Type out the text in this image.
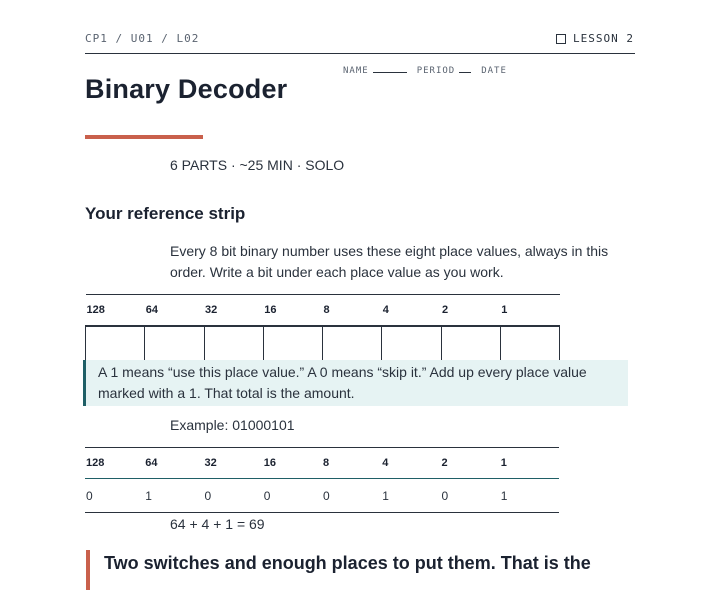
CP1 / U01 / L02	LESSON 2
NAME	PERIOD	DATE
Binary Decoder
6 PARTS · ~25 MIN · SOLO
Your reference strip

Every 8 bit binary number uses these eight place values, always in this order. Write a bit under each place value as you work.

128	64	32	16	8	4	2	1

A 1 means “use this place value.” A 0 means “skip it.” Add up every place value marked with a 1. That total is the amount.
Example: 01000101
128	64	32	16	8	4	2	1
0	1	0	0	0	1	0	1
64 + 4 + 1 = 69
Two switches and enough places to put them. That is the
